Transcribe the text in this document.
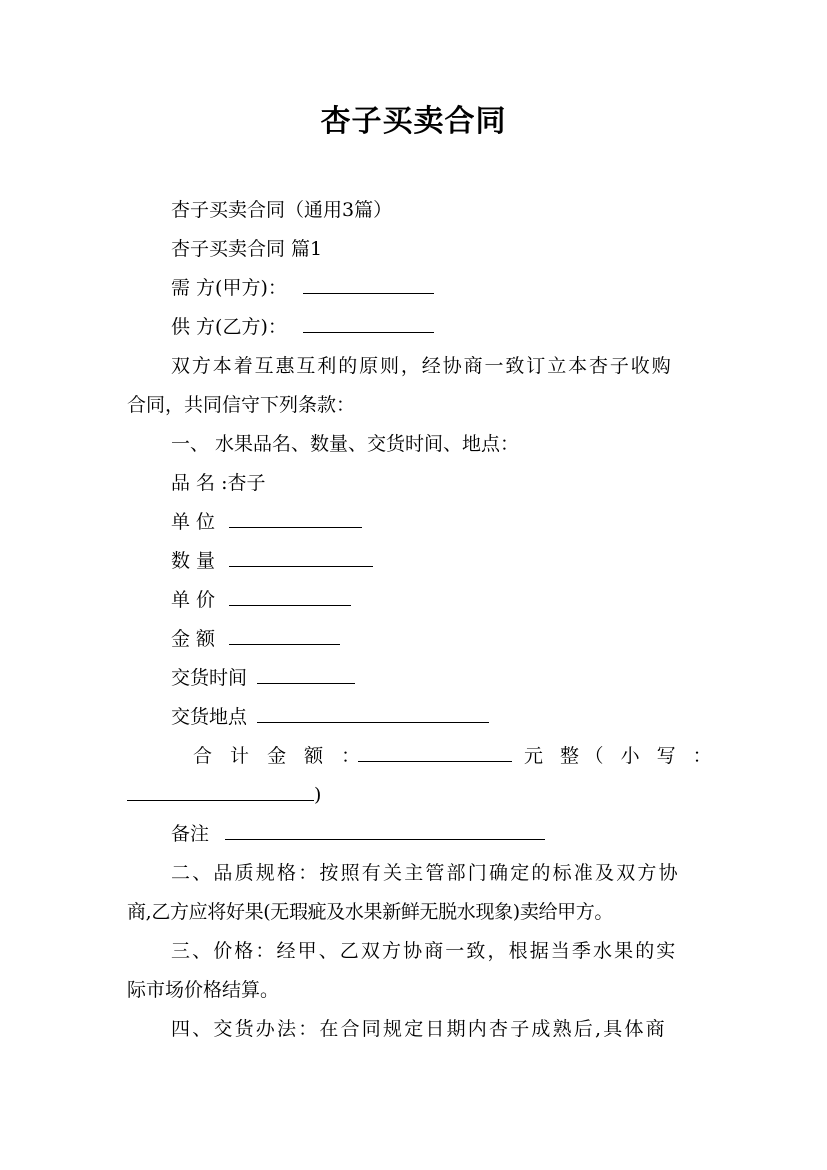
杏子买卖合同
杏子买卖合同（通用3篇）
杏子买卖合同 篇1
需 方(甲方)：
供 方(乙方)：
双方本着互惠互利的原则，经协商一致订立本杏子收购
合同，共同信守下列条款：
一、 水果品名、数量、交货时间、地点：
品 名 :杏子
单 位
数 量
单 价
金 额
交货时间
交货地点
合 计 金 额 ：	元 整（ 小 写 ：
)
备注
二、品质规格：按照有关主管部门确定的标准及双方协
商,乙方应将好果(无瑕疵及水果新鲜无脱水现象)卖给甲方。
三、价格：经甲、乙双方协商一致，根据当季水果的实
际市场价格结算。
四、交货办法：在合同规定日期内杏子成熟后,具体商
